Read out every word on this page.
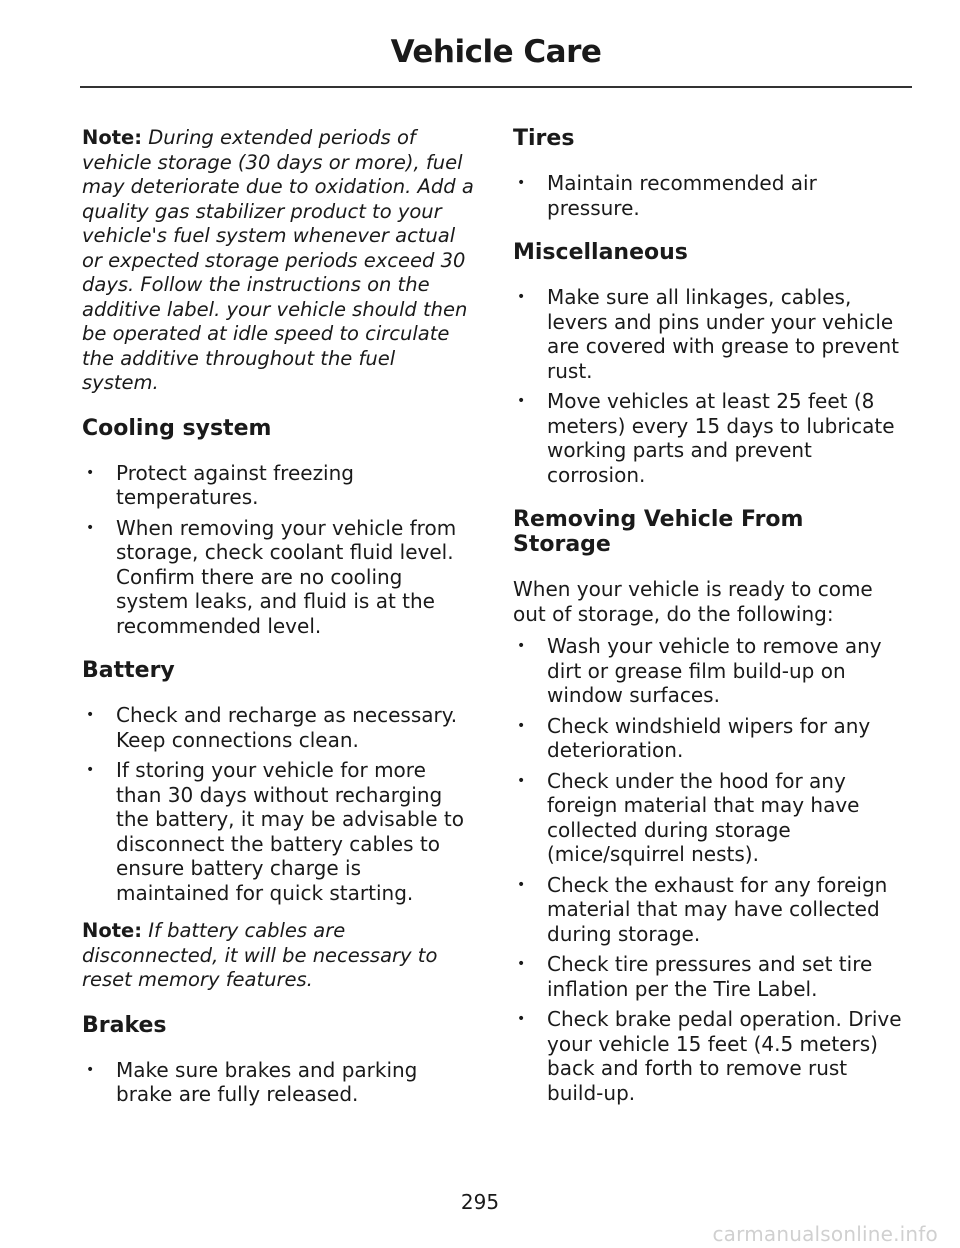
Vehicle Care

Note: During extended periods of vehicle storage (30 days or more), fuel may deteriorate due to oxidation. Add a quality gas stabilizer product to your vehicle's fuel system whenever actual or expected storage periods exceed 30 days. Follow the instructions on the additive label. your vehicle should then be operated at idle speed to circulate the additive throughout the fuel system.

Cooling system
• Protect against freezing temperatures.
• When removing your vehicle from storage, check coolant fluid level. Confirm there are no cooling system leaks, and fluid is at the recommended level.
Battery
• Check and recharge as necessary. Keep connections clean.
• If storing your vehicle for more than 30 days without recharging the battery, it may be advisable to disconnect the battery cables to ensure battery charge is maintained for quick starting.

Note: If battery cables are disconnected, it will be necessary to reset memory features.

Brakes
• Make sure brakes and parking brake are fully released.
Tires
• Maintain recommended air pressure.
Miscellaneous
• Make sure all linkages, cables, levers and pins under your vehicle are covered with grease to prevent rust.
• Move vehicles at least 25 feet (8 meters) every 15 days to lubricate working parts and prevent corrosion.
Removing Vehicle From Storage

When your vehicle is ready to come out of storage, do the following:

• Wash your vehicle to remove any dirt or grease film build-up on window surfaces.
• Check windshield wipers for any deterioration.
• Check under the hood for any foreign material that may have collected during storage (mice/squirrel nests).
• Check the exhaust for any foreign material that may have collected during storage.
• Check tire pressures and set tire inflation per the Tire Label.
• Check brake pedal operation. Drive your vehicle 15 feet (4.5 meters) back and forth to remove rust build-up.
295
carmanualsonline.info
